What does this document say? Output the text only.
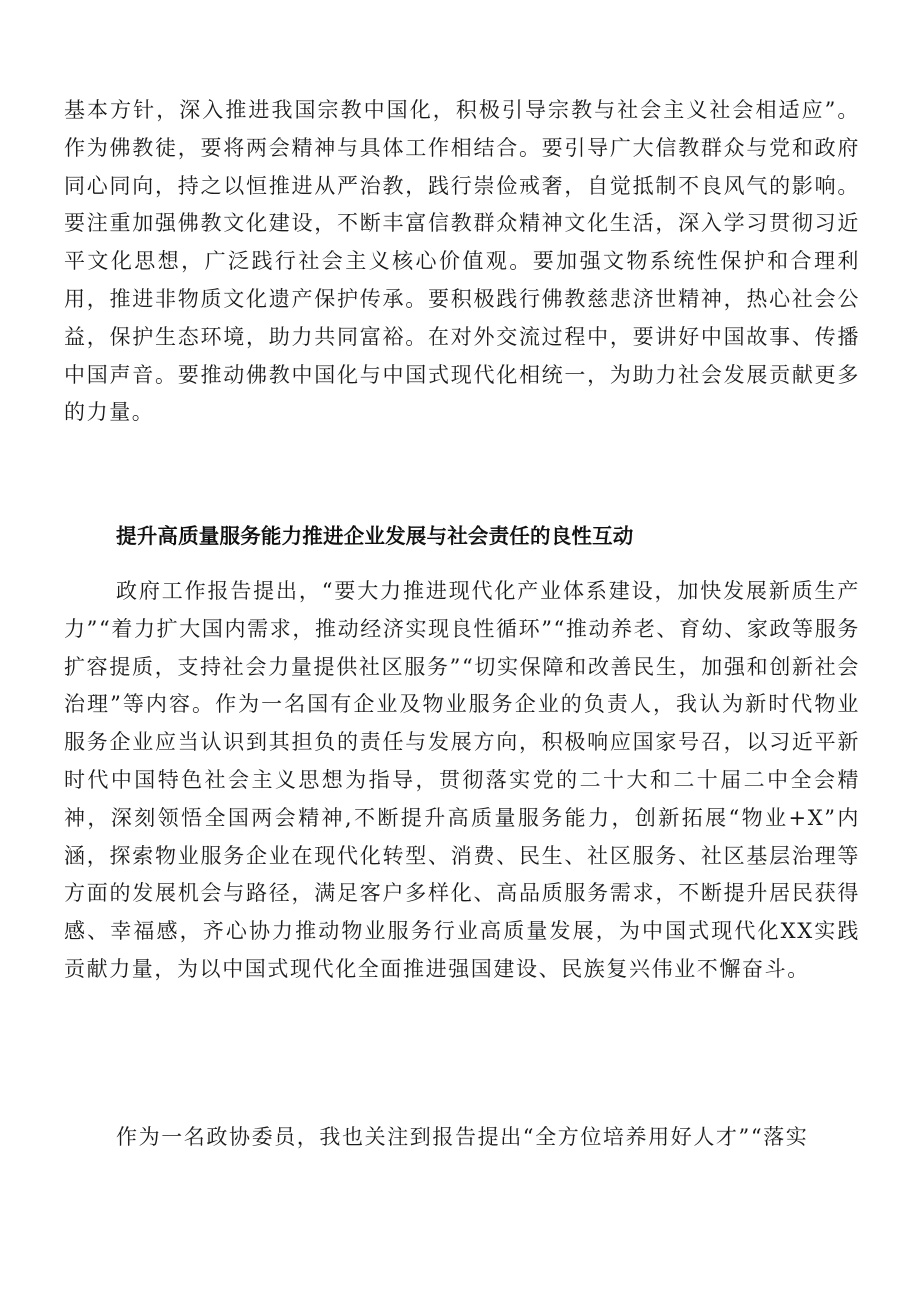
基本方针，深入推进我国宗教中国化，积极引导宗教与社会主义社会相适应”。作为佛教徒，要将两会精神与具体工作相结合。要引导广大信教群众与党和政府同心同向，持之以恒推进从严治教，践行崇俭戒奢，自觉抵制不良风气的影响。要注重加强佛教文化建设，不断丰富信教群众精神文化生活，深入学习贯彻习近平文化思想，广泛践行社会主义核心价值观。要加强文物系统性保护和合理利用，推进非物质文化遗产保护传承。要积极践行佛教慈悲济世精神，热心社会公益，保护生态环境，助力共同富裕。在对外交流过程中，要讲好中国故事、传播中国声音。要推动佛教中国化与中国式现代化相统一，为助力社会发展贡献更多的力量。

提升高质量服务能力推进企业发展与社会责任的良性互动

政府工作报告提出，“要大力推进现代化产业体系建设，加快发展新质生产力”“着力扩大国内需求，推动经济实现良性循环”“推动养老、育幼、家政等服务扩容提质，支持社会力量提供社区服务”“切实保障和改善民生，加强和创新社会治理”等内容。作为一名国有企业及物业服务企业的负责人，我认为新时代物业服务企业应当认识到其担负的责任与发展方向，积极响应国家号召，以习近平新时代中国特色社会主义思想为指导，贯彻落实党的二十大和二十届二中全会精神，深刻领悟全国两会精神,不断提升高质量服务能力，创新拓展“物业+X”内涵，探索物业服务企业在现代化转型、消费、民生、社区服务、社区基层治理等方面的发展机会与路径，满足客户多样化、高品质服务需求，不断提升居民获得感、幸福感，齐心协力推动物业服务行业高质量发展，为中国式现代化XX实践贡献力量，为以中国式现代化全面推进强国建设、民族复兴伟业不懈奋斗。

作为一名政协委员，我也关注到报告提出“全方位培养用好人才”“落实
